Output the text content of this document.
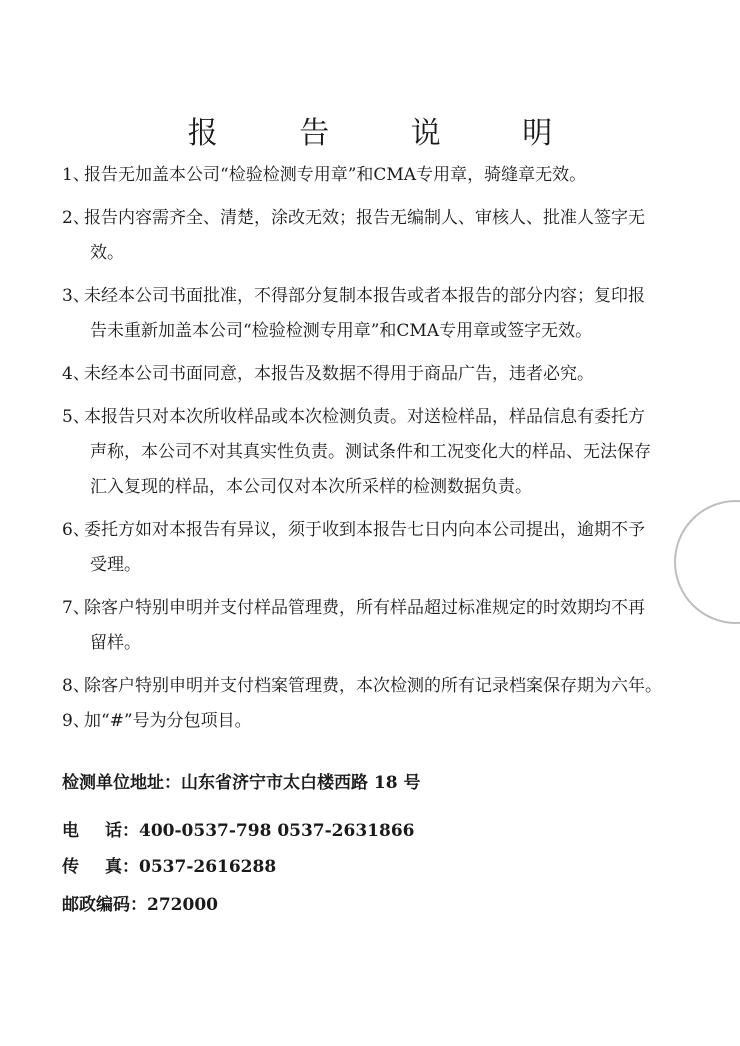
报 告 说 明
1、报告无加盖本公司“检验检测专用章”和CMA专用章，骑缝章无效。
2、报告内容需齐全、清楚，涂改无效；报告无编制人、审核人、批准人签字无
效。
3、未经本公司书面批准，不得部分复制本报告或者本报告的部分内容；复印报
告未重新加盖本公司“检验检测专用章”和CMA专用章或签字无效。
4、未经本公司书面同意，本报告及数据不得用于商品广告，违者必究。
5、本报告只对本次所收样品或本次检测负责。对送检样品，样品信息有委托方
声称，本公司不对其真实性负责。测试条件和工况变化大的样品、无法保存
汇入复现的样品，本公司仅对本次所采样的检测数据负责。
6、委托方如对本报告有异议，须于收到本报告七日内向本公司提出，逾期不予
受理。
7、除客户特别申明并支付样品管理费，所有样品超过标准规定的时效期均不再
留样。
8、除客户特别申明并支付档案管理费，本次检测的所有记录档案保存期为六年。
9、加“#”号为分包项目。
检测单位地址：山东省济宁市太白楼西路 18 号
电话：400-0537-798 0537-2631866
传真：0537-2616288
邮政编码：272000
